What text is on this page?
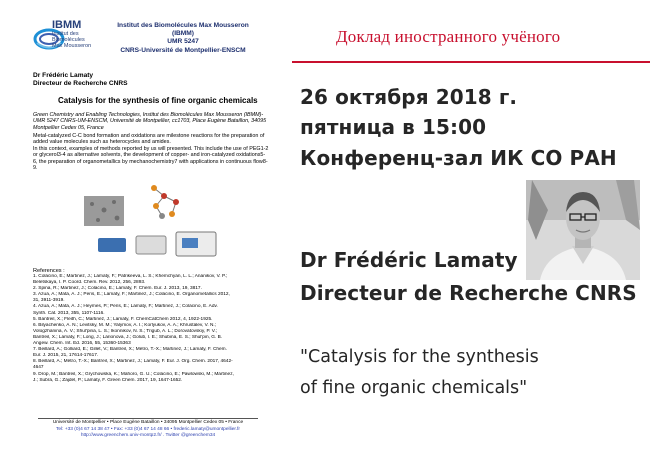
IBMM
Institut des
Biomolécules
Max Mousseron
Institut des Biomolécules Max Mousseron
(IBMM)
UMR 5247
CNRS-Université de Montpellier-ENSCM
Dr Frédéric Lamaty
Directeur de Recherche CNRS
Catalysis for the synthesis of fine organic chemicals
Green Chemistry and Enabling Technologies, Institut des Biomolécules Max Mousseron (IBMM)-UMR 5247 CNRS-UM-ENSCM, Université de Montpellier, cc1703, Place Eugène Bataillon, 34095 Montpellier Cedex 05, France
Metal-catalyzed C-C bond formation and oxidations are milestone reactions for the preparation of added value molecules such as heterocycles and amides.
In this context, examples of methods reported by us will presented. This include the use of PEG1-2 or glycerol3-4 as alternative solvents, the development of copper- and iron-catalyzed oxidations5-6, the preparation of organometallics by mechanochemistry7 with applications in continuous flow8-9.
References :
1. Colacino, E.; Martinez, J.; Lamaty, F.; Patrikeeva, L. S.; Khemchyan, L. L.; Ananikov, V. P.;
Beletskaya, I. P. Coord. Chem. Rev. 2012, 256, 2893.
2. Spina, R.; Martinez, J.; Colacino, E.; Lamaty, F. Chem. Eur. J. 2013, 19, 3817.
3. Azua, A.; Mata, A. J.; Peris, E.; Lamaty, F.; Martinez, J.; Colacino, E. Organometallics 2012,
31, 3911-3919.
4. Azua, A.; Mata, A. J.; Heymes, P.; Peris, E.; Lamaty, F.; Martinez, J.; Colacino, E. Adv.
Synth. Cat. 2013, 355, 1107-1116.
5. Bantreil, X.; Fleith, C.; Martinez, J.; Lamaty, F. ChemCatChem 2012, 4, 1922-1925.
6. Bilyachenko, A. N.; Levitsky, M. M.; Yalymov, A. I.; Korlyukov, A. A.; Khrustalev, V. N.;
Vologzhanina, A. V.; Shul'pina, L. S.; Ikonnikov, N. S.; Trigub, A. L.; Dorovatovskiy, P. V.;
Bantreil, X.; Lamaty, F.; Long, J.; Larionova, J.; Golub, I. E.; Shubina, E. S.; Shul'pin, G. B.
Angew. Chem. Int. Ed. 2016, 55, 15360-15363
7. Beillard, A.; Golliard, E.; Gillet, V.; Bantreil, X.; Métro, T.-X.; Martinez, J.; Lamaty, F. Chem.
Eur. J. 2015, 21, 17614-17617.
8. Beillard, A.; Métro, T.-X.; Bantreil, X.; Martinez, J.; Lamaty, F. Eur. J. Org. Chem. 2017, 4642-
4647
9. Drop, M.; Bantreil, X.; Grychowska, K.; Mahoro, G. U.; Colacino, E.; Pawlowski, M.; Martinez,
J.; Subra, G.; Zajdel, P.; Lamaty, F. Green Chem. 2017, 19, 1647-1652.
Université de Montpellier • Place Eugène Bataillon • 34095 Montpellier Cedex 05 • France
Tel: +33 (0)4 67 14 38 47 • Fax: +33 (0)4 67 14 48 66 • frederic.lamaty@umontpellier.fr
http://www.greenchem.univ-montp2.fr/ . Twitter @greenchem34
Доклад иностранного учёного
26 октября 2018 г.
пятница в 15:00
Конференц-зал ИК СО РАН
Dr Frédéric Lamaty
Directeur de Recherche CNRS
"Catalysis for the synthesis
of fine organic chemicals"
